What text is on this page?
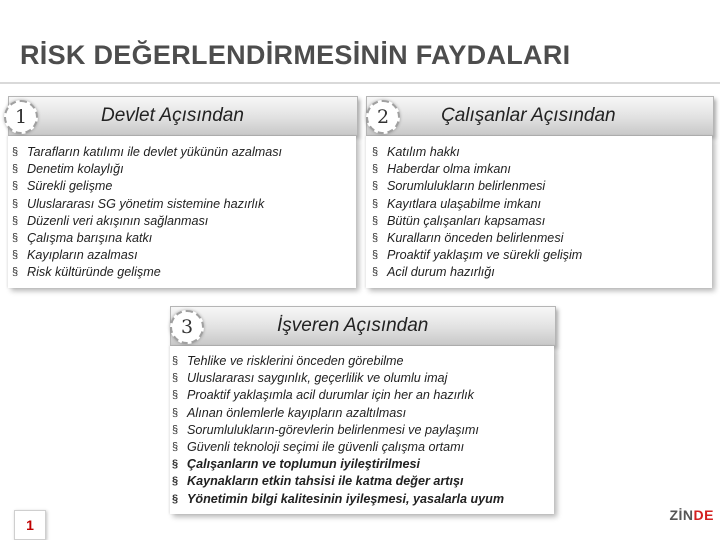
RİSK DEĞERLENDİRMESİNİN FAYDALARI
Devlet Açısından
1
§ Tarafların katılımı ile devlet yükünün azalması
§ Denetim kolaylığı
§ Sürekli gelişme
§ Uluslararası SG yönetim sistemine hazırlık
§ Düzenli veri akışının sağlanması
§ Çalışma barışına katkı
§ Kayıpların azalması
§ Risk kültüründe gelişme
Çalışanlar Açısından
2
§ Katılım hakkı
§ Haberdar olma imkanı
§ Sorumlulukların belirlenmesi
§ Kayıtlara ulaşabilme imkanı
§ Bütün çalışanları kapsaması
§ Kuralların önceden belirlenmesi
§ Proaktif yaklaşım ve sürekli gelişim
§ Acil durum hazırlığı
İşveren Açısından
3
§ Tehlike ve risklerini önceden görebilme
§ Uluslararası saygınlık, geçerlilik ve olumlu imaj
§ Proaktif yaklaşımla acil durumlar için her an hazırlık
§ Alınan önlemlerle kayıpların azaltılması
§ Sorumlulukların-görevlerin belirlenmesi ve paylaşımı
§ Güvenli teknoloji seçimi ile güvenli çalışma ortamı
§ Çalışanların ve toplumun iyileştirilmesi
§ Kaynakların etkin tahsisi ile katma değer artışı
§ Yönetimin bilgi kalitesinin iyileşmesi, yasalarla uyum
1
ZİNDE
